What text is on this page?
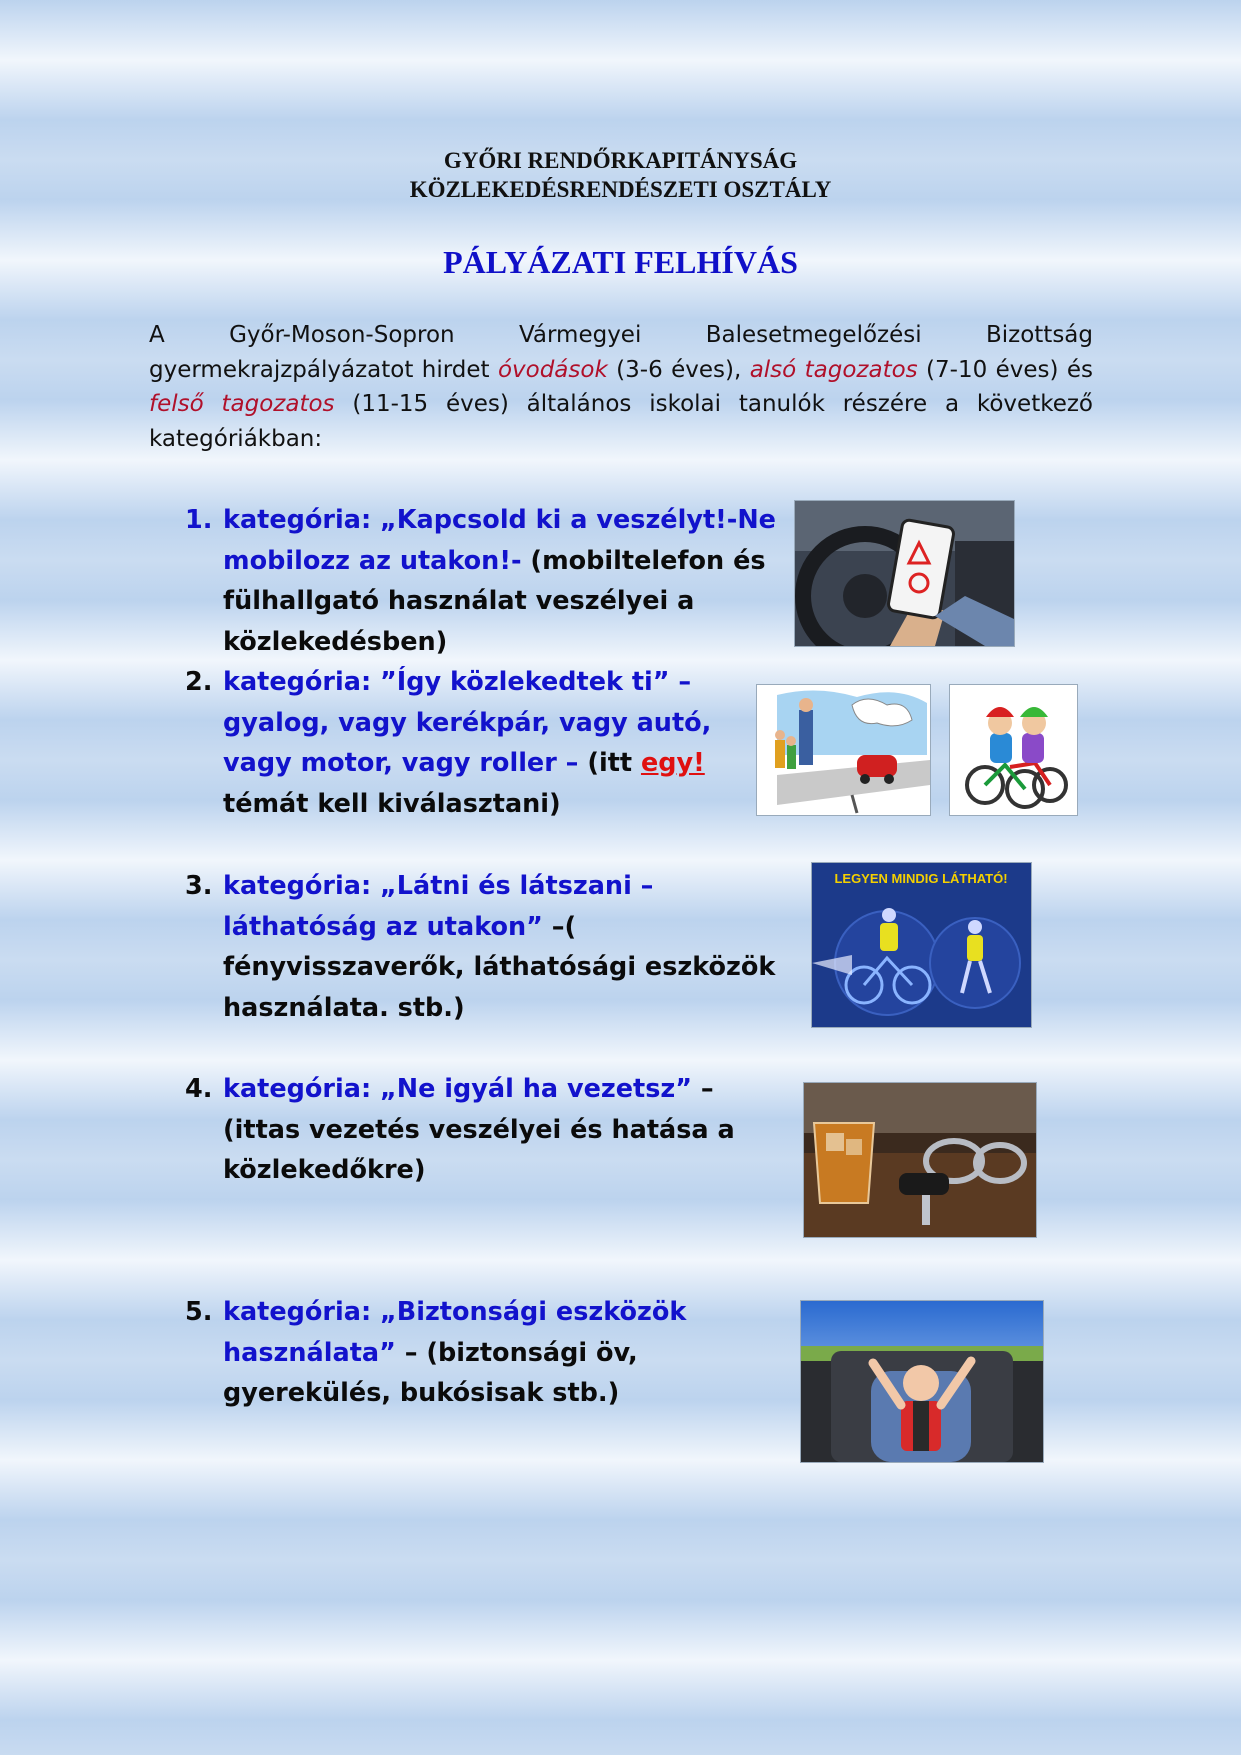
GYŐRI RENDŐRKAPITÁNYSÁG
KÖZLEKEDÉSRENDÉSZETI OSZTÁLY
PÁLYÁZATI FELHÍVÁS
A Győr-Moson-Sopron Vármegyei Balesetmegelőzési Bizottság gyermekrajzpályázatot hirdet óvodások (3-6 éves), alsó tagozatos (7-10 éves) és felső tagozatos (11-15 éves) általános iskolai tanulók részére a következő kategóriákban:
1. kategória: „Kapcsold ki a veszélyt!-Ne
mobilozz az utakon!- (mobiltelefon és
fülhallgató használat veszélyei a
közlekedésben)
2. kategória: ”Így közlekedtek ti” –
gyalog, vagy kerékpár, vagy autó,
vagy motor, vagy roller – (itt egy!
témát kell kiválasztani)
3. kategória: „Látni és látszani –
láthatóság az utakon” –(
fényvisszaverők, láthatósági eszközök
használata. stb.)
4. kategória: „Ne igyál ha vezetsz” –
(ittas vezetés veszélyei és hatása a
közlekedőkre)
5. kategória: „Biztonsági eszközök
használata” – (biztonsági öv,
gyerekülés, bukósisak stb.)
LEGYEN MINDIG LÁTHATÓ!
